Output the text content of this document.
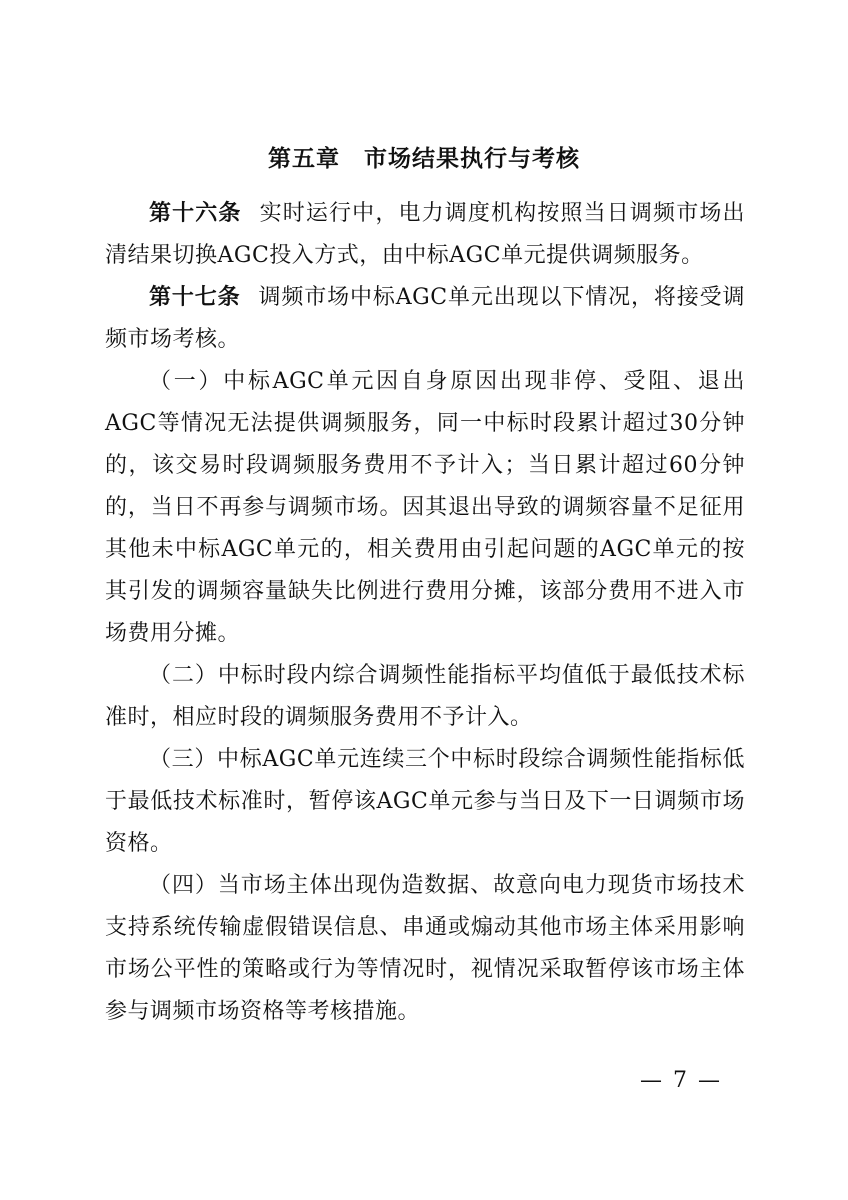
第五章　市场结果执行与考核

第十六条 实时运行中，电力调度机构按照当日调频市场出清结果切换AGC投入方式，由中标AGC单元提供调频服务。

第十七条 调频市场中标AGC单元出现以下情况，将接受调频市场考核。

（一）中标AGC单元因自身原因出现非停、受阻、退出AGC等情况无法提供调频服务，同一中标时段累计超过30分钟的，该交易时段调频服务费用不予计入；当日累计超过60分钟的，当日不再参与调频市场。因其退出导致的调频容量不足征用其他未中标AGC单元的，相关费用由引起问题的AGC单元的按其引发的调频容量缺失比例进行费用分摊，该部分费用不进入市场费用分摊。

（二）中标时段内综合调频性能指标平均值低于最低技术标准时，相应时段的调频服务费用不予计入。

（三）中标AGC单元连续三个中标时段综合调频性能指标低于最低技术标准时，暂停该AGC单元参与当日及下一日调频市场资格。

（四）当市场主体出现伪造数据、故意向电力现货市场技术支持系统传输虚假错误信息、串通或煽动其他市场主体采用影响市场公平性的策略或行为等情况时，视情况采取暂停该市场主体参与调频市场资格等考核措施。

— 7 —
